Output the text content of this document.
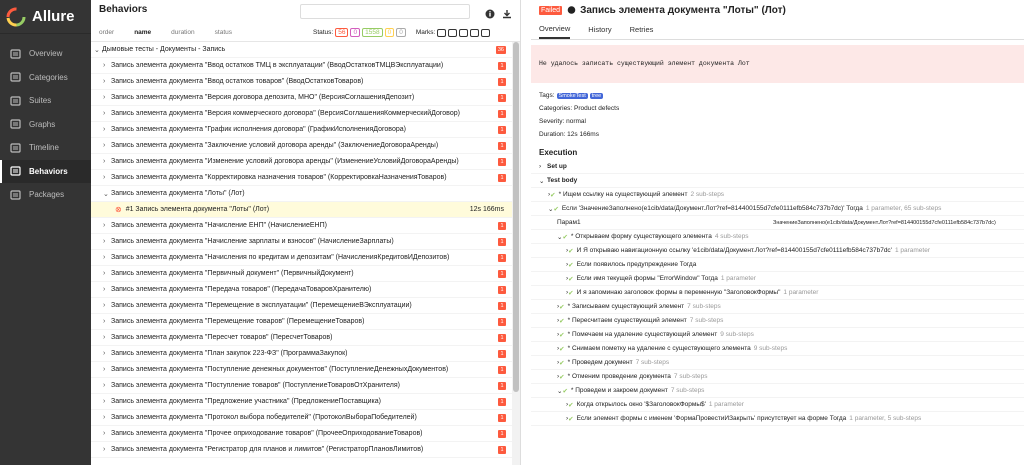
Allure
Overview
Categories
Suites
Graphs
Timeline
Behaviors
Packages
Behaviors
order	name	duration	status	Status: 56	0	1558	0	0	Marks:
⌄ Дымовые тесты - Документы - Запись	36
› Запись элемента документа "Ввод остатков ТМЦ в эксплуатации" (ВводОстатковТМЦВЭксплуатации)	1
› Запись элемента документа "Ввод остатков товаров" (ВводОстатковТоваров)	1
› Запись элемента документа "Версия договора депозита, МНО" (ВерсияСоглашенияДепозит)	1
› Запись элемента документа "Версия коммерческого договора" (ВерсияСоглашенияКоммерческийДоговор)	1
› Запись элемента документа "График исполнения договора" (ГрафикИсполненияДоговора)	1
› Запись элемента документа "Заключение условий договора аренды" (ЗаключениеДоговораАренды)	1
› Запись элемента документа "Изменение условий договора аренды" (ИзменениеУсловийДоговораАренды)	1
› Запись элемента документа "Корректировка назначения товаров" (КорректировкаНазначенияТоваров)	1
⌄ Запись элемента документа "Лоты" (Лот)
⊗ #1 Запись элемента документа "Лоты" (Лот)	12s 166ms
› Запись элемента документа "Начисление ЕНП" (НачислениеЕНП)	1
› Запись элемента документа "Начисление зарплаты и взносов" (НачислениеЗарплаты)	1
› Запись элемента документа "Начисления по кредитам и депозитам" (НачисленияКредитовИДепозитов)	1
› Запись элемента документа "Первичный документ" (ПервичныйДокумент)	1
› Запись элемента документа "Передача товаров" (ПередачаТоваровХранителю)	1
› Запись элемента документа "Перемещение в эксплуатации" (ПеремещениеВЭксплуатации)	1
› Запись элемента документа "Перемещение товаров" (ПеремещениеТоваров)	1
› Запись элемента документа "Пересчет товаров" (ПересчетТоваров)	1
› Запись элемента документа "План закупок 223-ФЗ" (ПрограммаЗакупок)	1
› Запись элемента документа "Поступление денежных документов" (ПоступлениеДенежныхДокументов)	1
› Запись элемента документа "Поступление товаров" (ПоступлениеТоваровОтХранителя)	1
› Запись элемента документа "Предложение участника" (ПредложениеПоставщика)	1
› Запись элемента документа "Протокол выбора победителей" (ПротоколВыбораПобедителей)	1
› Запись элемента документа "Прочее оприходование товаров" (ПрочееОприходованиеТоваров)	1
› Запись элемента документа "Регистратор для планов и лимитов" (РегистраторПлановЛимитов)	1
Failed Запись элемента документа "Лоты" (Лот)
Overview History Retries
Не удалось записать существующий элемент документа Лот
Tags: SmokeTest	tree
Categories: Product defects
Severity: normal
Duration: 12s 166ms
Execution
› Set up
⌄ Test body
› ✔ * Ищем ссылку на существующий элемент 2 sub-steps
⌄ ✔ Если 'ЗначениеЗаполнено(e1cib/data/Документ.Лот?ref=814400155d7cfe0111efb584c737b7dc)' Тогда 1 parameter, 65 sub-steps
Парам1	ЗначениеЗаполнено(e1cib/data/Документ.Лот?ref=814400155d7cfe0111efb584c737b7dc)
⌄ ✔ * Открываем форму существующего элемента 4 sub-steps
› ✔ И Я открываю навигационную ссылку 'e1cib/data/Документ.Лот?ref=814400155d7cfe0111efb584c737b7dc' 1 parameter
› ✔ Если появилось предупреждение Тогда
› ✔ Если имя текущей формы "ErrorWindow" Тогда 1 parameter
› ✔ И я запоминаю заголовок формы в переменную "ЗаголовокФормы" 1 parameter
› ✔ * Записываем существующий элемент 7 sub-steps
› ✔ * Пересчитаем существующий элемент 7 sub-steps
› ✔ * Помечаем на удаление существующий элемент 9 sub-steps
› ✔ * Снимаем пометку на удаление с существующего элемента 9 sub-steps
› ✔ * Проведем документ 7 sub-steps
› ✔ * Отменим проведение документа 7 sub-steps
⌄ ✔ * Проведем и закроем документ 7 sub-steps
› ✔ Когда открылось окно '$ЗаголовокФормы$' 1 parameter
› ✔ Если элемент формы с именем 'ФормаПровестиИЗакрыть' присутствует на форме Тогда 1 parameter, 5 sub-steps
